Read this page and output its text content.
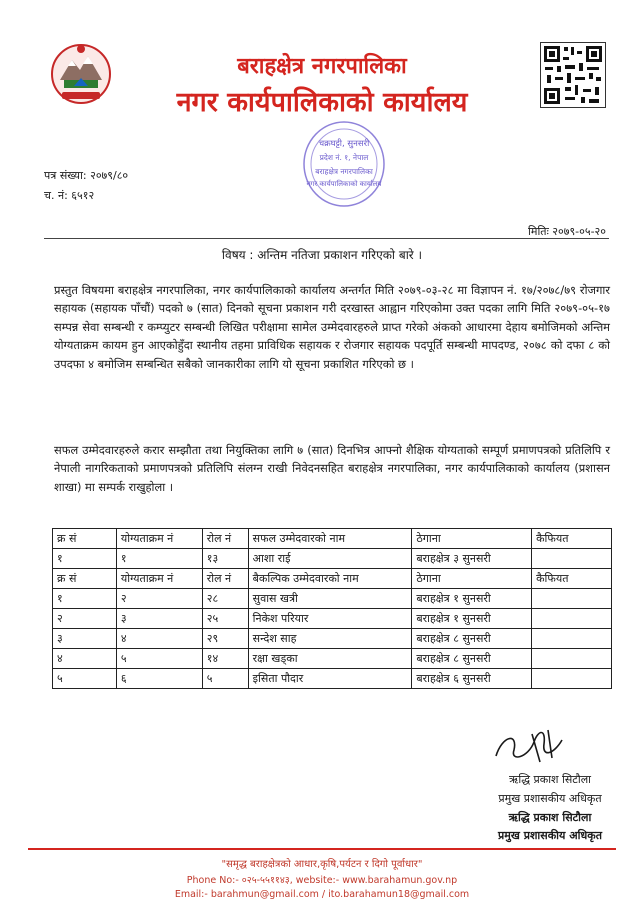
बराहक्षेत्र नगरपालिका
नगर कार्यपालिकाको कार्यालय
चक्रघट्टी, सुनसरी
प्रदेश नं. १, नेपाल
बराहक्षेत्र नगरपालिका
नगर कार्यपालिकाको कार्यालय
पत्र संख्या: २०७९/८०
च. नं: ६५१२
मितिः २०७९-०५-२०
विषय : अन्तिम नतिजा प्रकाशन गरिएको बारे ।
प्रस्तुत विषयमा बराहक्षेत्र नगरपालिका, नगर कार्यपालिकाको कार्यालय अन्तर्गत मिति २०७९-०३-२८ मा विज्ञापन नं. १७/२०७८/७९ रोजगार सहायक (सहायक पाँचौं) पदको ७ (सात) दिनको सूचना प्रकाशन गरी दरखास्त आह्वान गरिएकोमा उक्त पदका लागि मिति २०७९-०५-१७ सम्पन्न सेवा सम्बन्धी र कम्प्युटर सम्बन्धी लिखित परीक्षामा सामेल उम्मेदवारहरुले प्राप्त गरेको अंकको आधारमा देहाय बमोजिमको अन्तिम योग्यताक्रम कायम हुन आएकोहुँदा स्थानीय तहमा प्राविधिक सहायक र रोजगार सहायक पदपूर्ति सम्बन्धी मापदण्ड, २०७८ को दफा ८ को उपदफा ४ बमोजिम सम्बन्धित सबैको जानकारीका लागि यो सूचना प्रकाशित गरिएको छ ।
सफल उम्मेदवारहरुले करार सम्झौता तथा नियुक्तिका लागि ७ (सात) दिनभित्र आफ्नो शैक्षिक योग्यताको सम्पूर्ण प्रमाणपत्रको प्रतिलिपि र नेपाली नागरिकताको प्रमाणपत्रको प्रतिलिपि संलग्न राखी निवेदनसहित बराहक्षेत्र नगरपालिका, नगर कार्यपालिकाको कार्यालय (प्रशासन शाखा) मा सम्पर्क राखुहोला ।
क्र सं	योग्यताक्रम नं	रोल नं	सफल उम्मेदवारको नाम	ठेगाना	कैफियत
१	१	१३	आशा राई	बराहक्षेत्र ३ सुनसरी	
क्र सं	योग्यताक्रम नं	रोल नं	बैकल्पिक उम्मेदवारको नाम	ठेगाना	कैफियत
१	२	२८	सुवास खत्री	बराहक्षेत्र १ सुनसरी	
२	३	२५	निकेश परियार	बराहक्षेत्र १ सुनसरी	
३	४	२९	सन्देश साह	बराहक्षेत्र ८ सुनसरी	
४	५	१४	रक्षा खड्का	बराहक्षेत्र ८ सुनसरी	
५	६	५	इसिता पौदार	बराहक्षेत्र ६ सुनसरी	
ऋद्धि प्रकाश सिटौला
प्रमुख प्रशासकीय अधिकृत
ऋद्धि प्रकाश सिटौला
प्रमुख प्रशासकीय अधिकृत
"समृद्ध बराहक्षेत्रको आधार,कृषि,पर्यटन र दिगो पूर्वाधार"
Phone No:- ०२५-५५११४३, website:- www.barahamun.gov.np
Email:- barahmun@gmail.com / ito.barahamun18@gmail.com
